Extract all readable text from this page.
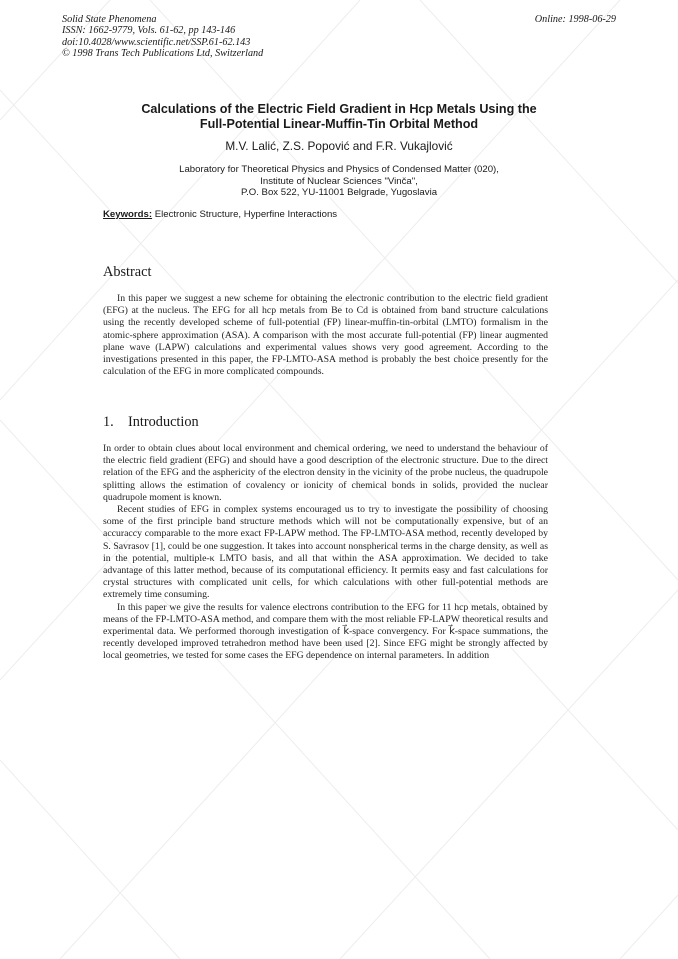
Solid State Phenomena
ISSN: 1662-9779, Vols. 61-62, pp 143-146
doi:10.4028/www.scientific.net/SSP.61-62.143
© 1998 Trans Tech Publications Ltd, Switzerland
Online: 1998-06-29
Calculations of the Electric Field Gradient in Hcp Metals Using the
Full-Potential Linear-Muffin-Tin Orbital Method
M.V. Lalić, Z.S. Popović and F.R. Vukajlović
Laboratory for Theoretical Physics and Physics of Condensed Matter (020),
Institute of Nuclear Sciences "Vinča",
P.O. Box 522, YU-11001 Belgrade, Yugoslavia
Keywords: Electronic Structure, Hyperfine Interactions
Abstract

In this paper we suggest a new scheme for obtaining the electronic contribution to the electric field gradient (EFG) at the nucleus. The EFG for all hcp metals from Be to Cd is obtained from band structure calculations using the recently developed scheme of full-potential (FP) linear-muffin-tin-orbital (LMTO) formalism in the atomic-sphere approximation (ASA). A comparison with the most accurate full-potential (FP) linear augmented plane wave (LAPW) calculations and experimental values shows very good agreement. According to the investigations presented in this paper, the FP-LMTO-ASA method is probably the best choice presently for the calculation of the EFG in more complicated compounds.

1. Introduction

In order to obtain clues about local environment and chemical ordering, we need to understand the behaviour of the electric field gradient (EFG) and should have a good description of the electronic structure. Due to the direct relation of the EFG and the asphericity of the electron density in the vicinity of the probe nucleus, the quadrupole splitting allows the estimation of covalency or ionicity of chemical bonds in solids, provided the nuclear quadrupole moment is known.

Recent studies of EFG in complex systems encouraged us to try to investigate the possibility of choosing some of the first principle band structure methods which will not be computationally expensive, but of an accuraccy comparable to the more exact FP-LAPW method. The FP-LMTO-ASA method, recently developed by S. Savrasov [1], could be one suggestion. It takes into account nonspherical terms in the charge density, as well as in the potential, multiple-κ LMTO basis, and all that within the ASA approximation. We decided to take advantage of this latter method, because of its computational efficiency. It permits easy and fast calculations for crystal structures with complicated unit cells, for which calculations with other full-potential methods are extremely time consuming.

In this paper we give the results for valence electrons contribution to the EFG for 11 hcp metals, obtained by means of the FP-LMTO-ASA method, and compare them with the most reliable FP-LAPW theoretical results and experimental data. We performed thorough investigation of k⃗-space convergency. For k⃗-space summations, the recently developed improved tetrahedron method have been used [2]. Since EFG might be strongly affected by local geometries, we tested for some cases the EFG dependence on internal parameters. In addition
